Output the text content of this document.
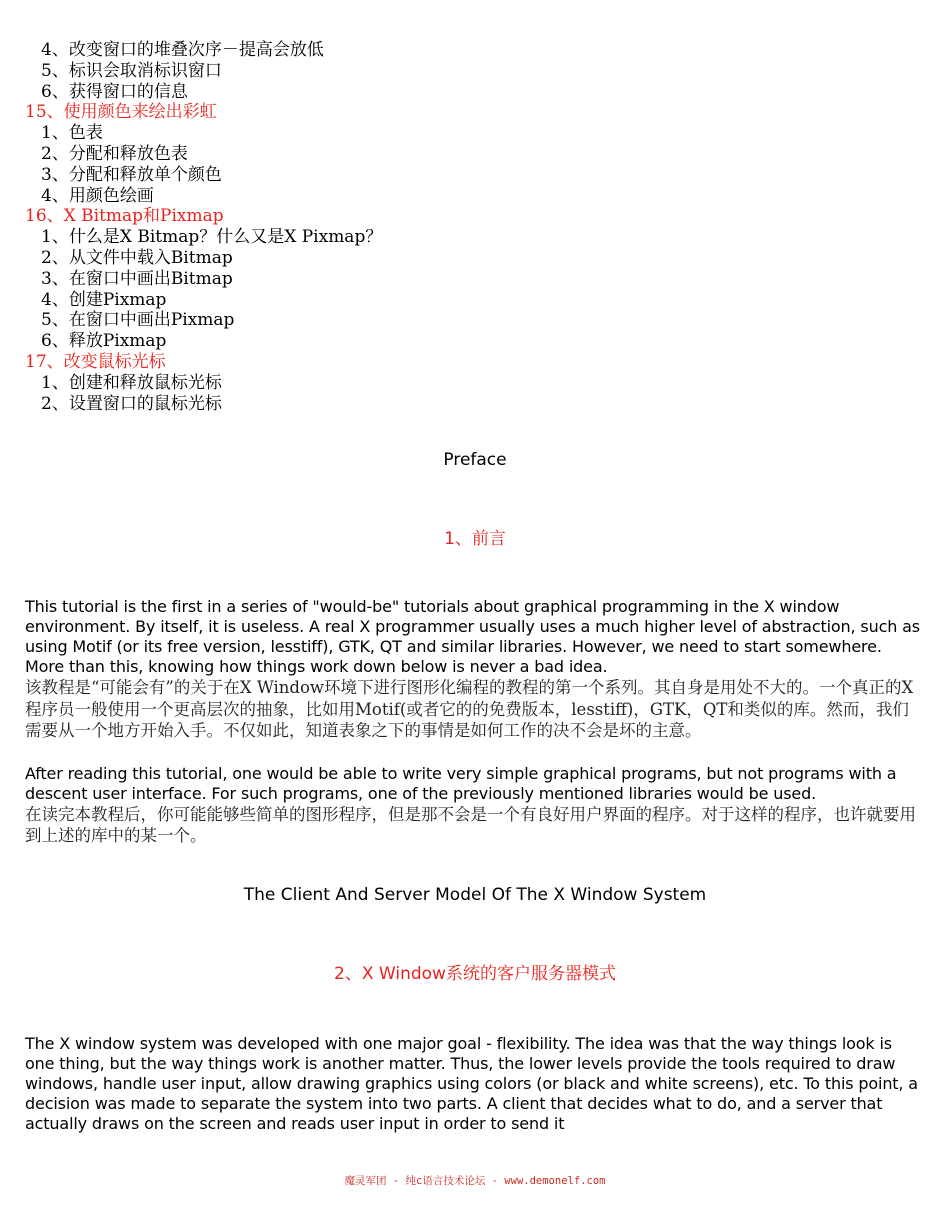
4、改变窗口的堆叠次序－提高会放低
5、标识会取消标识窗口
6、获得窗口的信息
15、使用颜色来绘出彩虹
1、色表
2、分配和释放色表
3、分配和释放单个颜色
4、用颜色绘画
16、X Bitmap和Pixmap
1、什么是X Bitmap？什么又是X Pixmap？
2、从文件中载入Bitmap
3、在窗口中画出Bitmap
4、创建Pixmap
5、在窗口中画出Pixmap
6、释放Pixmap
17、改变鼠标光标
1、创建和释放鼠标光标
2、设置窗口的鼠标光标
Preface
1、前言
This tutorial is the first in a series of "would-be" tutorials about graphical programming in the X window environment. By itself, it is useless. A real X programmer usually uses a much higher level of abstraction, such as using Motif (or its free version, lesstiff), GTK, QT and similar libraries. However, we need to start somewhere. More than this, knowing how things work down below is never a bad idea.
该教程是“可能会有”的关于在X Window环境下进行图形化编程的教程的第一个系列。其自身是用处不大的。一个真正的X程序员一般使用一个更高层次的抽象，比如用Motif(或者它的的免费版本，lesstiff)，GTK，QT和类似的库。然而，我们需要从一个地方开始入手。不仅如此，知道表象之下的事情是如何工作的决不会是坏的主意。
After reading this tutorial, one would be able to write very simple graphical programs, but not programs with a descent user interface. For such programs, one of the previously mentioned libraries would be used.
在读完本教程后，你可能能够些简单的图形程序，但是那不会是一个有良好用户界面的程序。对于这样的程序，也许就要用到上述的库中的某一个。
The Client And Server Model Of The X Window System
2、X Window系统的客户服务器模式
The X window system was developed with one major goal - flexibility. The idea was that the way things look is one thing, but the way things work is another matter. Thus, the lower levels provide the tools required to draw windows, handle user input, allow drawing graphics using colors (or black and white screens), etc. To this point, a decision was made to separate the system into two parts. A client that decides what to do, and a server that actually draws on the screen and reads user input in order to send it
魔灵军团 - 纯c语言技术论坛 - www.demonelf.com
